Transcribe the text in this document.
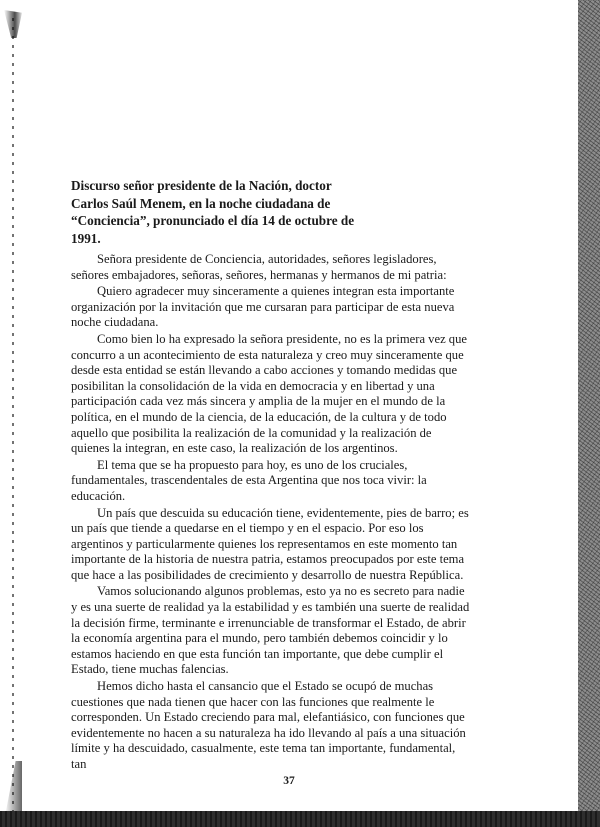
Discurso señor presidente de la Nación, doctor Carlos Saúl Menem, en la noche ciudadana de “Conciencia”, pronunciado el día 14 de octubre de 1991.

Señora presidente de Conciencia, autoridades, señores legisladores, señores embajadores, señoras, señores, hermanas y hermanos de mi patria:

Quiero agradecer muy sinceramente a quienes integran esta importante organización por la invitación que me cursaran para participar de esta nueva noche ciudadana.

Como bien lo ha expresado la señora presidente, no es la primera vez que concurro a un acontecimiento de esta naturaleza y creo muy sinceramente que desde esta entidad se están llevando a cabo acciones y tomando medidas que posibilitan la consolidación de la vida en democracia y en libertad y una participación cada vez más sincera y amplia de la mujer en el mundo de la política, en el mundo de la ciencia, de la educación, de la cultura y de todo aquello que posibilita la realización de la comunidad y la realización de quienes la integran, en este caso, la realización de los argentinos.

El tema que se ha propuesto para hoy, es uno de los cruciales, fundamentales, trascendentales de esta Argentina que nos toca vivir: la educación.

Un país que descuida su educación tiene, evidentemente, pies de barro; es un país que tiende a quedarse en el tiempo y en el espacio. Por eso los argentinos y particularmente quienes los representamos en este momento tan importante de la historia de nuestra patria, estamos preocupados por este tema que hace a las posibilidades de crecimiento y desarrollo de nuestra República.

Vamos solucionando algunos problemas, esto ya no es secreto para nadie y es una suerte de realidad ya la estabilidad y es también una suerte de realidad la decisión firme, terminante e irrenunciable de transformar el Estado, de abrir la economía argentina para el mundo, pero también debemos coincidir y lo estamos haciendo en que esta función tan importante, que debe cumplir el Estado, tiene muchas falencias.

Hemos dicho hasta el cansancio que el Estado se ocupó de muchas cuestiones que nada tienen que hacer con las funciones que realmente le corresponden. Un Estado creciendo para mal, elefantiásico, con funciones que evidentemente no hacen a su naturaleza ha ido llevando al país a una situación límite y ha descuidado, casualmente, este tema tan importante, fundamental, tan

37
